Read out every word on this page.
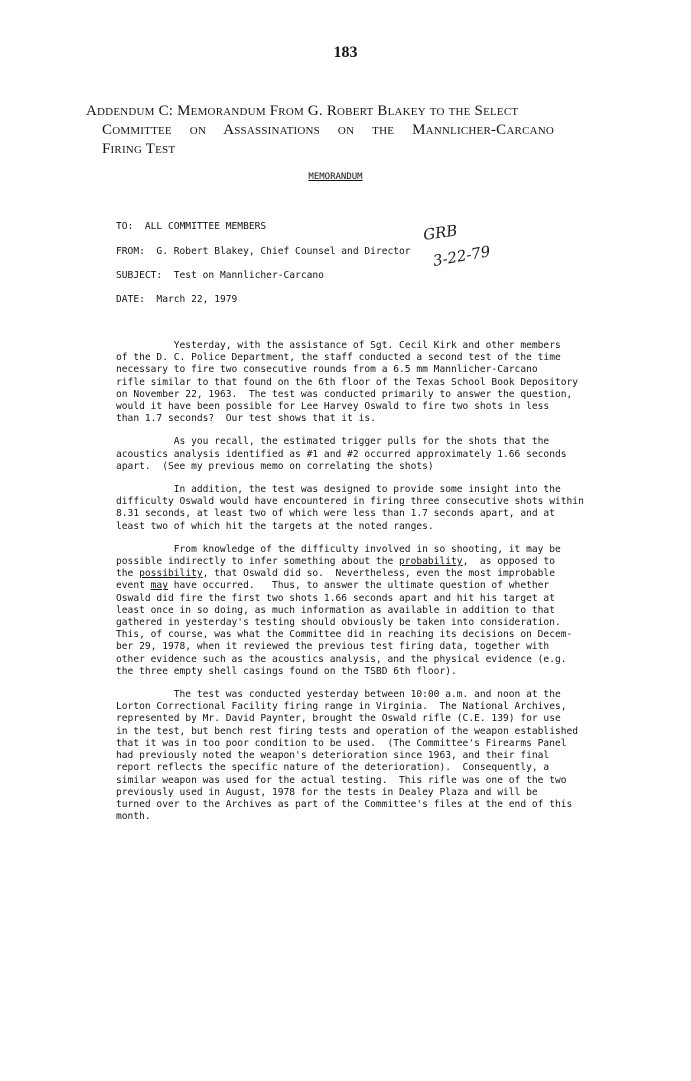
183
Addendum C: Memorandum From G. Robert Blakey to the Select
Committee on Assassinations on the Mannlicher-Carcano
Firing Test
MEMORANDUM
TO:  ALL COMMITTEE MEMBERS
FROM:  G. Robert Blakey, Chief Counsel and Director
SUBJECT:  Test on Mannlicher-Carcano
DATE:  March 22, 1979
GRB
3-22-79
Yesterday, with the assistance of Sgt. Cecil Kirk and other members
of the D. C. Police Department, the staff conducted a second test of the time
necessary to fire two consecutive rounds from a 6.5 mm Mannlicher-Carcano
rifle similar to that found on the 6th floor of the Texas School Book Depository
on November 22, 1963.  The test was conducted primarily to answer the question,
would it have been possible for Lee Harvey Oswald to fire two shots in less
than 1.7 seconds?  Our test shows that it is.
As you recall, the estimated trigger pulls for the shots that the
acoustics analysis identified as #1 and #2 occurred approximately 1.66 seconds
apart.  (See my previous memo on correlating the shots)
In addition, the test was designed to provide some insight into the
difficulty Oswald would have encountered in firing three consecutive shots within
8.31 seconds, at least two of which were less than 1.7 seconds apart, and at
least two of which hit the targets at the noted ranges.
From knowledge of the difficulty involved in so shooting, it may be
possible indirectly to infer something about the probability,  as opposed to
the possibility, that Oswald did so.  Nevertheless, even the most improbable
event may have occurred.   Thus, to answer the ultimate question of whether
Oswald did fire the first two shots 1.66 seconds apart and hit his target at
least once in so doing, as much information as available in addition to that
gathered in yesterday's testing should obviously be taken into consideration.
This, of course, was what the Committee did in reaching its decisions on Decem-
ber 29, 1978, when it reviewed the previous test firing data, together with
other evidence such as the acoustics analysis, and the physical evidence (e.g.
the three empty shell casings found on the TSBD 6th floor).
The test was conducted yesterday between 10:00 a.m. and noon at the
Lorton Correctional Facility firing range in Virginia.  The National Archives,
represented by Mr. David Paynter, brought the Oswald rifle (C.E. 139) for use
in the test, but bench rest firing tests and operation of the weapon established
that it was in too poor condition to be used.  (The Committee's Firearms Panel
had previously noted the weapon's deterioration since 1963, and their final
report reflects the specific nature of the deterioration).  Consequently, a
similar weapon was used for the actual testing.  This rifle was one of the two
previously used in August, 1978 for the tests in Dealey Plaza and will be
turned over to the Archives as part of the Committee's files at the end of this
month.
